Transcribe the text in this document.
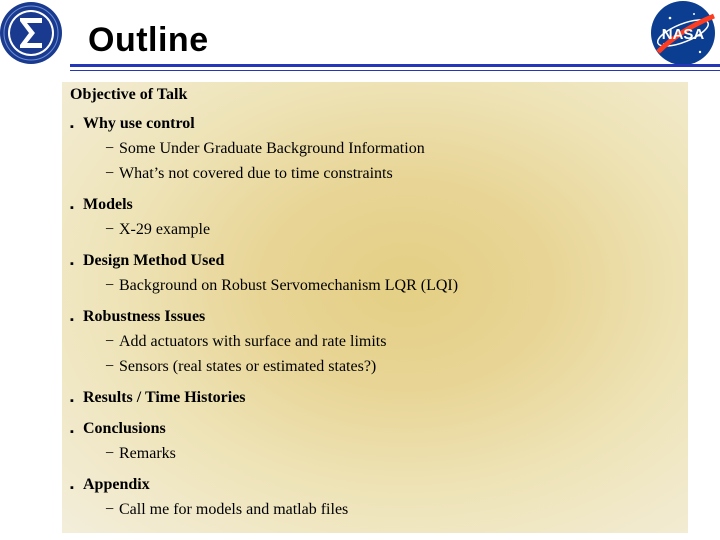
Outline	NASA
Objective of Talk
▪ Why use control
− Some Under Graduate Background Information
− What’s not covered due to time constraints
▪ Models
− X-29 example
▪ Design Method Used
− Background on Robust Servomechanism LQR (LQI)
▪ Robustness Issues
− Add actuators with surface and rate limits
− Sensors (real states or estimated states?)
▪ Results / Time Histories
▪ Conclusions
− Remarks
▪ Appendix
− Call me for models and matlab files
